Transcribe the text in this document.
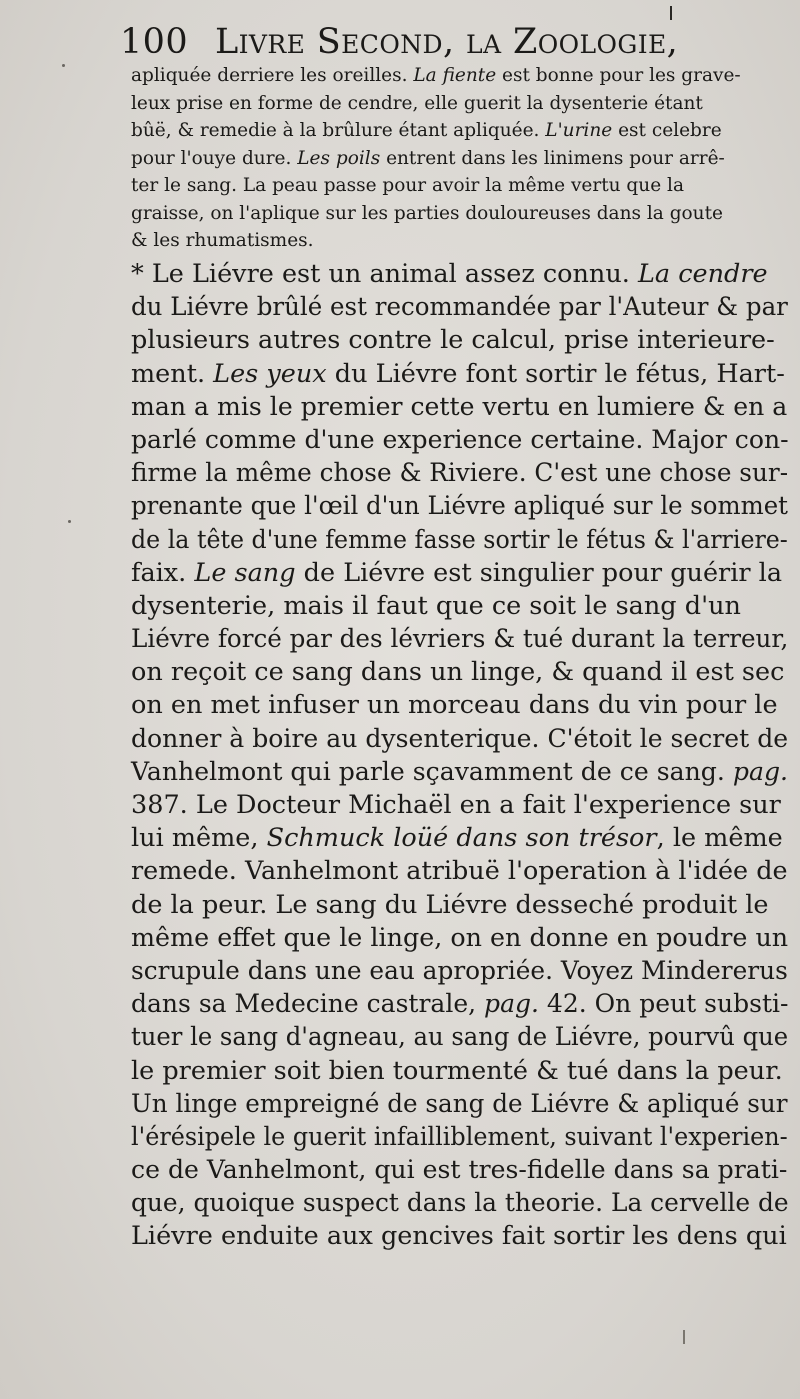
100 Livre Second, la Zoologie,
apliquée derriere les oreilles. La fiente est bonne pour les grave-
leux prise en forme de cendre, elle guerit la dysenterie étant
bûë, & remedie à la brûlure étant apliquée. L'urine est celebre
pour l'ouye dure. Les poils entrent dans les linimens pour arrê-
ter le sang. La peau passe pour avoir la même vertu que la
graisse, on l'aplique sur les parties douloureuses dans la goute
& les rhumatismes.
* Le Liévre est un animal assez connu. La cendre
du Liévre brûlé est recommandée par l'Auteur & par
plusieurs autres contre le calcul, prise interieure-
ment. Les yeux du Liévre font sortir le fétus, Hart-
man a mis le premier cette vertu en lumiere & en a
parlé comme d'une experience certaine. Major con-
firme la même chose & Riviere. C'est une chose sur-
prenante que l'œil d'un Liévre apliqué sur le sommet
de la tête d'une femme fasse sortir le fétus & l'arriere-
faix. Le sang de Liévre est singulier pour guérir la
dysenterie, mais il faut que ce soit le sang d'un
Liévre forcé par des lévriers & tué durant la terreur,
on reçoit ce sang dans un linge, & quand il est sec
on en met infuser un morceau dans du vin pour le
donner à boire au dysenterique. C'étoit le secret de
Vanhelmont qui parle sçavamment de ce sang. pag.
387. Le Docteur Michaël en a fait l'experience sur
lui même, Schmuck loüé dans son trésor, le même
remede. Vanhelmont atribuë l'operation à l'idée de
de la peur. Le sang du Liévre desseché produit le
même effet que le linge, on en donne en poudre un
scrupule dans une eau apropriée. Voyez Mindererus
dans sa Medecine castrale, pag. 42. On peut substi-
tuer le sang d'agneau, au sang de Liévre, pourvû que
le premier soit bien tourmenté & tué dans la peur.
Un linge empreigné de sang de Liévre & apliqué sur
l'érésipele le guerit infailliblement, suivant l'experien-
ce de Vanhelmont, qui est tres-fidelle dans sa prati-
que, quoique suspect dans la theorie. La cervelle de
Liévre enduite aux gencives fait sortir les dens qui
